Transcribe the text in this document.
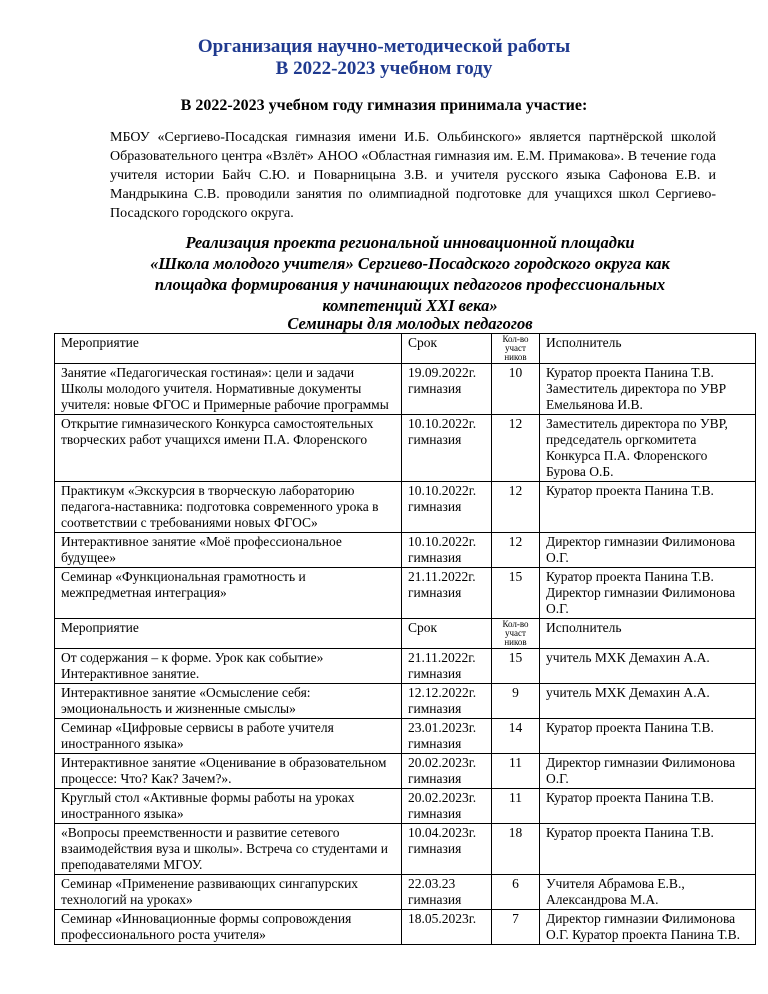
Организация научно-методической работы
В 2022-2023 учебном году
В 2022-2023 учебном году гимназия принимала участие:
МБОУ «Сергиево-Посадская гимназия имени И.Б. Ольбинского» является партнёрской школой Образовательного центра «Взлёт» АНОО «Областная гимназия им. Е.М. Примакова». В течение года учителя истории Байч С.Ю. и Поварницына З.В. и учителя русского языка Сафонова Е.В. и Мандрыкина С.В. проводили занятия по олимпиадной подготовке для учащихся школ Сергиево-Посадского городского округа.
Реализация проекта региональной инновационной площадки
«Школа молодого учителя» Сергиево-Посадского городского округа как
площадка формирования у начинающих педагогов профессиональных
компетенций XXI века»
Семинары для молодых педагогов
Мероприятие	Срок	Кол-во участ ников	Исполнитель
Занятие «Педагогическая гостиная»: цели и задачи Школы молодого учителя. Нормативные документы учителя: новые ФГОС и Примерные рабочие программы	19.09.2022г. гимназия	10	Куратор проекта Панина Т.В. Заместитель директора по УВР Емельянова И.В.
Открытие гимназического Конкурса самостоятельных творческих работ учащихся имени П.А. Флоренского	10.10.2022г. гимназия	12	Заместитель директора по УВР, председатель оргкомитета Конкурса П.А. Флоренского Бурова О.Б.
Практикум «Экскурсия в творческую лабораторию педагога-наставника: подготовка современного урока в соответствии с требованиями новых ФГОС»	10.10.2022г. гимназия	12	Куратор проекта Панина Т.В.
Интерактивное занятие «Моё профессиональное будущее»	10.10.2022г. гимназия	12	Директор гимназии Филимонова О.Г.
Семинар «Функциональная грамотность и межпредметная интеграция»	21.11.2022г. гимназия	15	Куратор проекта Панина Т.В. Директор гимназии Филимонова О.Г.
Мероприятие	Срок	Кол-во участ ников	Исполнитель
От содержания – к форме. Урок как событие» Интерактивное занятие.	21.11.2022г. гимназия	15	учитель МХК Демахин А.А.
Интерактивное занятие «Осмысление себя: эмоциональность и жизненные смыслы»	12.12.2022г. гимназия	9	учитель МХК Демахин А.А.
Семинар «Цифровые сервисы в работе учителя иностранного языка»	23.01.2023г. гимназия	14	Куратор проекта Панина Т.В.
Интерактивное занятие «Оценивание в образовательном процессе: Что? Как? Зачем?».	20.02.2023г. гимназия	11	Директор гимназии Филимонова О.Г.
Круглый стол «Активные формы работы на уроках иностранного языка»	20.02.2023г. гимназия	11	Куратор проекта Панина Т.В.
«Вопросы преемственности и развитие сетевого взаимодействия вуза и школы». Встреча со студентами и преподавателями МГОУ.	10.04.2023г. гимназия	18	Куратор проекта Панина Т.В.
Семинар «Применение развивающих сингапурских технологий на уроках»	22.03.23 гимназия	6	Учителя Абрамова Е.В., Александрова М.А.
Семинар «Инновационные формы сопровождения профессионального роста учителя»	18.05.2023г.	7	Директор гимназии Филимонова О.Г. Куратор проекта Панина Т.В.
